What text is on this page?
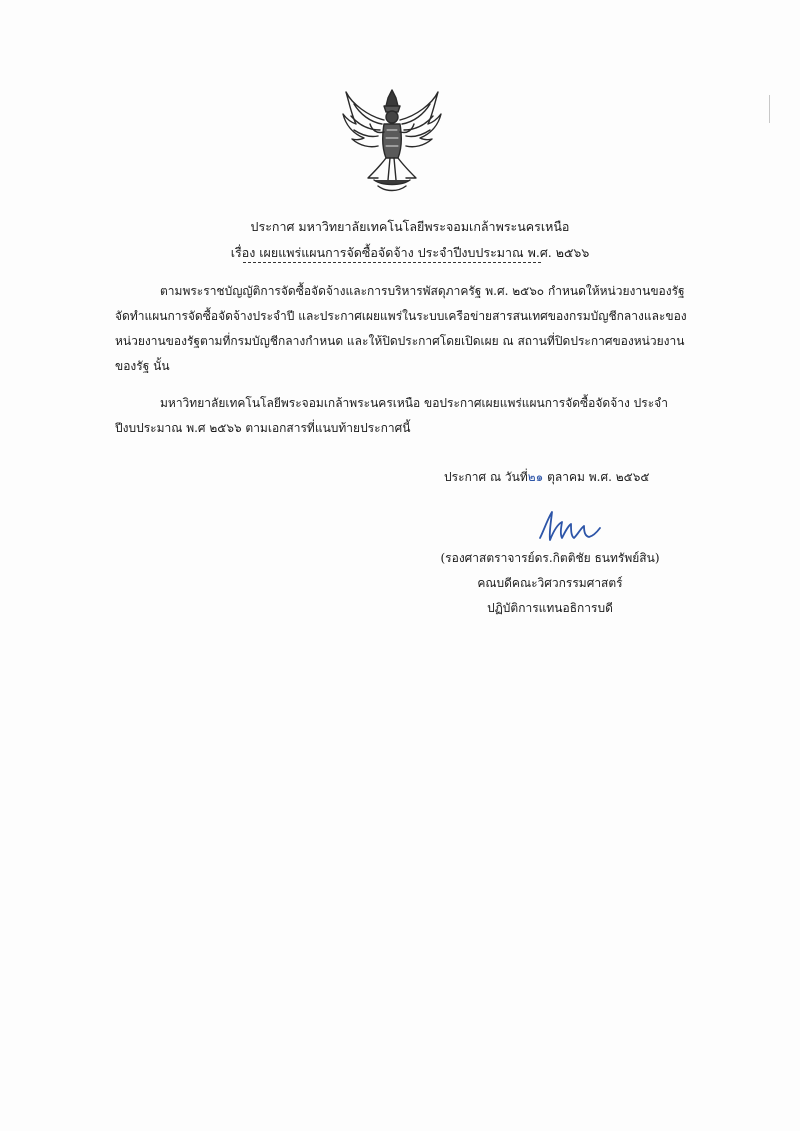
ประกาศ มหาวิทยาลัยเทคโนโลยีพระจอมเกล้าพระนครเหนือ
เรื่อง เผยแพร่แผนการจัดซื้อจัดจ้าง ประจำปีงบประมาณ พ.ศ. ๒๕๖๖
ตามพระราชบัญญัติการจัดซื้อจัดจ้างและการบริหารพัสดุภาครัฐ พ.ศ. ๒๕๖๐ กำหนดให้หน่วยงานของรัฐ
จัดทำแผนการจัดซื้อจัดจ้างประจำปี และประกาศเผยแพร่ในระบบเครือข่ายสารสนเทศของกรมบัญชีกลางและของ
หน่วยงานของรัฐตามที่กรมบัญชีกลางกำหนด และให้ปิดประกาศโดยเปิดเผย ณ สถานที่ปิดประกาศของหน่วยงาน
ของรัฐ นั้น
มหาวิทยาลัยเทคโนโลยีพระจอมเกล้าพระนครเหนือ ขอประกาศเผยแพร่แผนการจัดซื้อจัดจ้าง ประจำ
ปีงบประมาณ พ.ศ ๒๕๖๖ ตามเอกสารที่แนบท้ายประกาศนี้
ประกาศ ณ วันที่๒๑ ตุลาคม พ.ศ. ๒๕๖๕
(รองศาสตราจารย์ดร.กิตติชัย ธนทรัพย์สิน)
คณบดีคณะวิศวกรรมศาสตร์
ปฏิบัติการแทนอธิการบดี
